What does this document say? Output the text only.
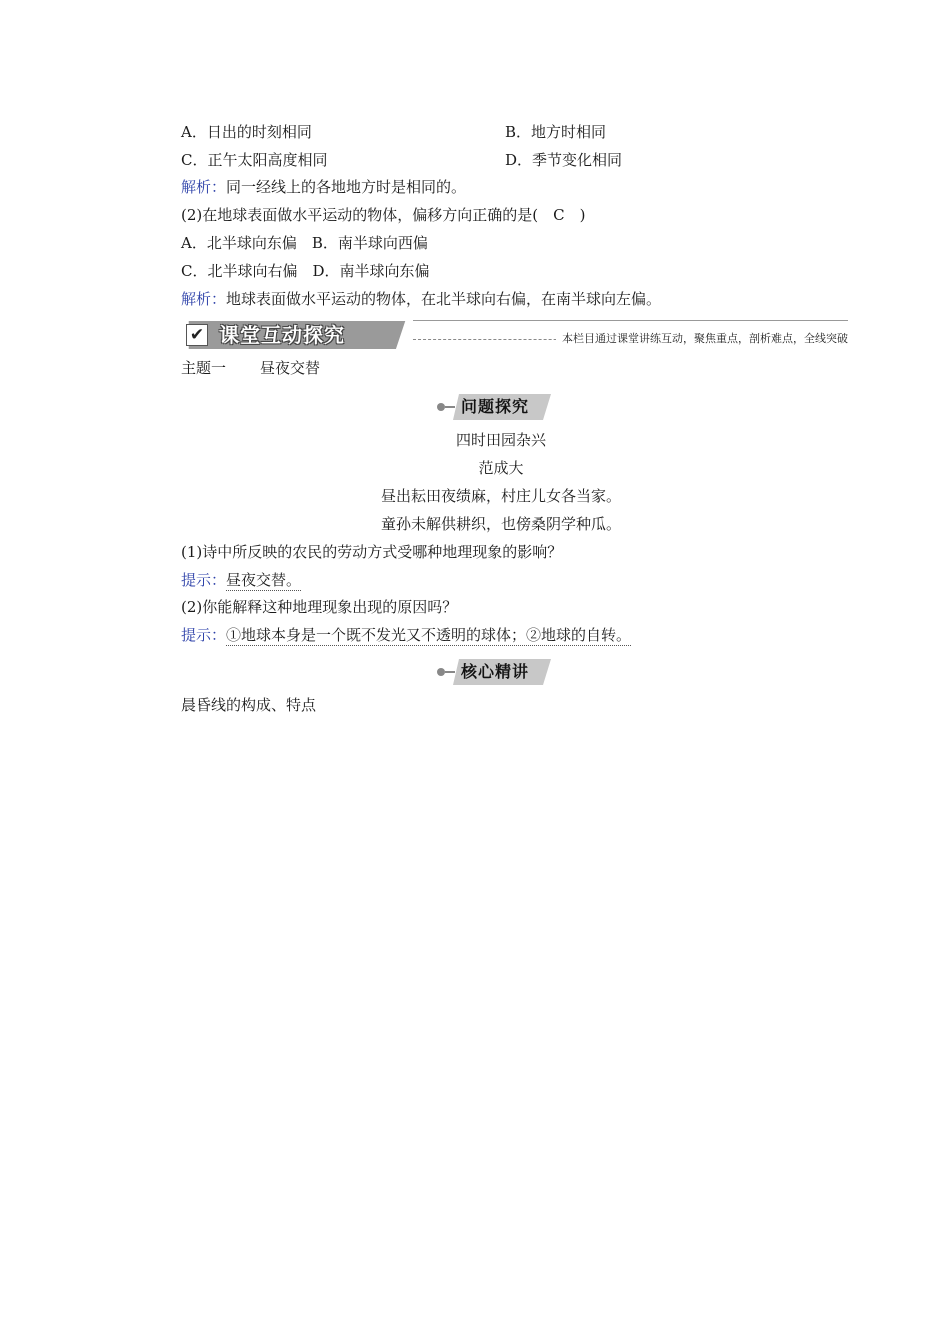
A．日出的时刻相同	B．地方时相同
C．正午太阳高度相同	D．季节变化相同
解析：同一经线上的各地地方时是相同的。
(2)在地球表面做水平运动的物体，偏移方向正确的是(　C　)
A．北半球向东偏　B．南半球向西偏
C．北半球向右偏　D．南半球向东偏
解析：地球表面做水平运动的物体，在北半球向右偏，在南半球向左偏。
✔ 课堂互动探究	本栏目通过课堂讲练互动，聚焦重点，剖析难点，全线突破
主题一 昼夜交替
问题探究
四时田园杂兴
范成大
昼出耘田夜绩麻，村庄儿女各当家。
童孙未解供耕织，也傍桑阴学种瓜。
(1)诗中所反映的农民的劳动方式受哪种地理现象的影响？
提示：昼夜交替。
(2)你能解释这种地理现象出现的原因吗？
提示：①地球本身是一个既不发光又不透明的球体；②地球的自转。
核心精讲
晨昏线的构成、特点
